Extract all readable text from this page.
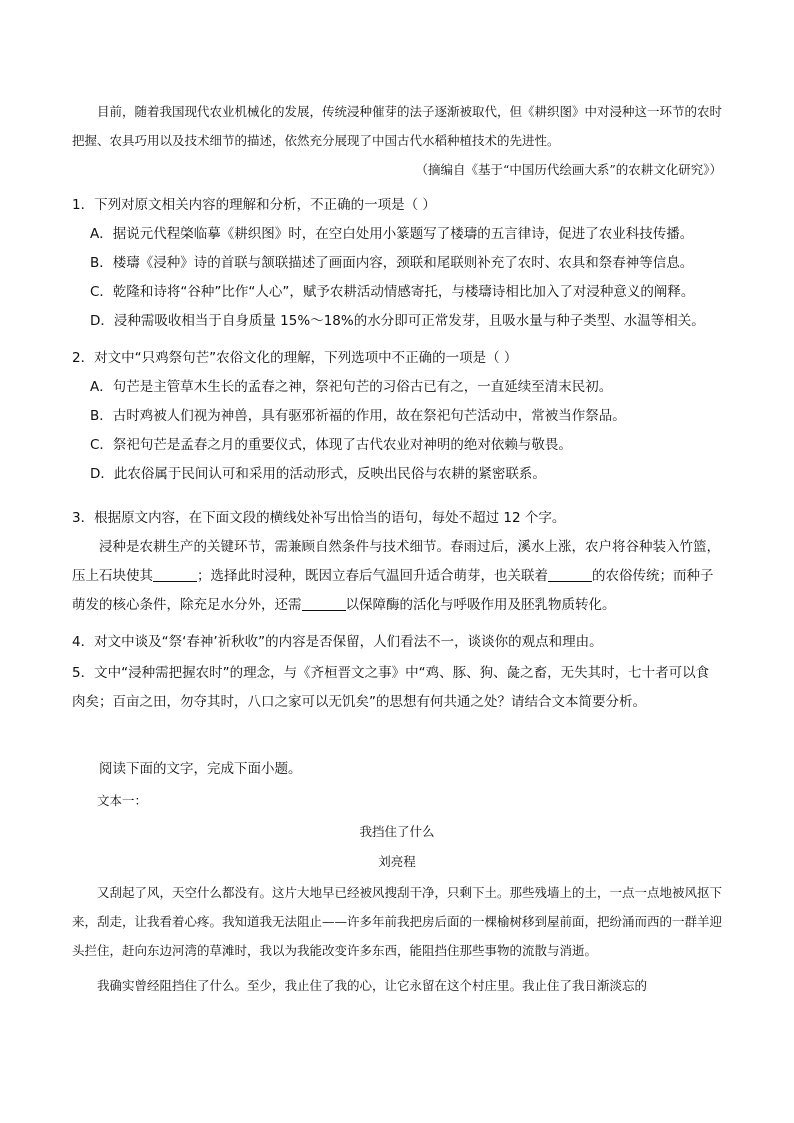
目前，随着我国现代农业机械化的发展，传统浸种催芽的法子逐渐被取代，但《耕织图》中对浸种这一环节的农时把握、农具巧用以及技术细节的描述，依然充分展现了中国古代水稻种植技术的先进性。

（摘编自《基于“中国历代绘画大系”的农耕文化研究》）

1．下列对原文相关内容的理解和分析，不正确的一项是（ ）

A．据说元代程棨临摹《耕织图》时，在空白处用小篆题写了楼璹的五言律诗，促进了农业科技传播。

B．楼璹《浸种》诗的首联与颔联描述了画面内容，颈联和尾联则补充了农时、农具和祭春神等信息。

C．乾隆和诗将“谷种”比作“人心”，赋予农耕活动情感寄托，与楼璹诗相比加入了对浸种意义的阐释。

D．浸种需吸收相当于自身质量 15%～18%的水分即可正常发芽，且吸水量与种子类型、水温等相关。

2．对文中“只鸡祭句芒”农俗文化的理解，下列选项中不正确的一项是（ ）

A．句芒是主管草木生长的孟春之神，祭祀句芒的习俗古已有之，一直延续至清末民初。

B．古时鸡被人们视为神兽，具有驱邪祈福的作用，故在祭祀句芒活动中，常被当作祭品。

C．祭祀句芒是孟春之月的重要仪式，体现了古代农业对神明的绝对依赖与敬畏。

D．此农俗属于民间认可和采用的活动形式，反映出民俗与农耕的紧密联系。

3．根据原文内容，在下面文段的横线处补写出恰当的语句，每处不超过 12 个字。

浸种是农耕生产的关键环节，需兼顾自然条件与技术细节。春雨过后，溪水上涨，农户将谷种装入竹篮，压上石块使其	；选择此时浸种，既因立春后气温回升适合萌芽，也关联着	的农俗传统；而种子萌发的核心条件，除充足水分外，还需	以保障酶的活化与呼吸作用及胚乳物质转化。

4．对文中谈及“祭‘春神’祈秋收”的内容是否保留，人们看法不一，谈谈你的观点和理由。

5．文中“浸种需把握农时”的理念，与《齐桓晋文之事》中“鸡、豚、狗、彘之畜，无失其时，七十者可以食肉矣；百亩之田，勿夺其时，八口之家可以无饥矣”的思想有何共通之处？请结合文本简要分析。

阅读下面的文字，完成下面小题。

文本一：

我挡住了什么

刘亮程

又刮起了风，天空什么都没有。这片大地早已经被风搜刮干净，只剩下土。那些残墙上的土，一点一点地被风抠下来，刮走，让我看着心疼。我知道我无法阻止——许多年前我把房后面的一棵榆树移到屋前面，把纷涌而西的一群羊迎头拦住，赶向东边河湾的草滩时，我以为我能改变许多东西，能阻挡住那些事物的流散与消逝。

我确实曾经阻挡住了什么。至少，我止住了我的心，让它永留在这个村庄里。我止住了我日渐淡忘的
